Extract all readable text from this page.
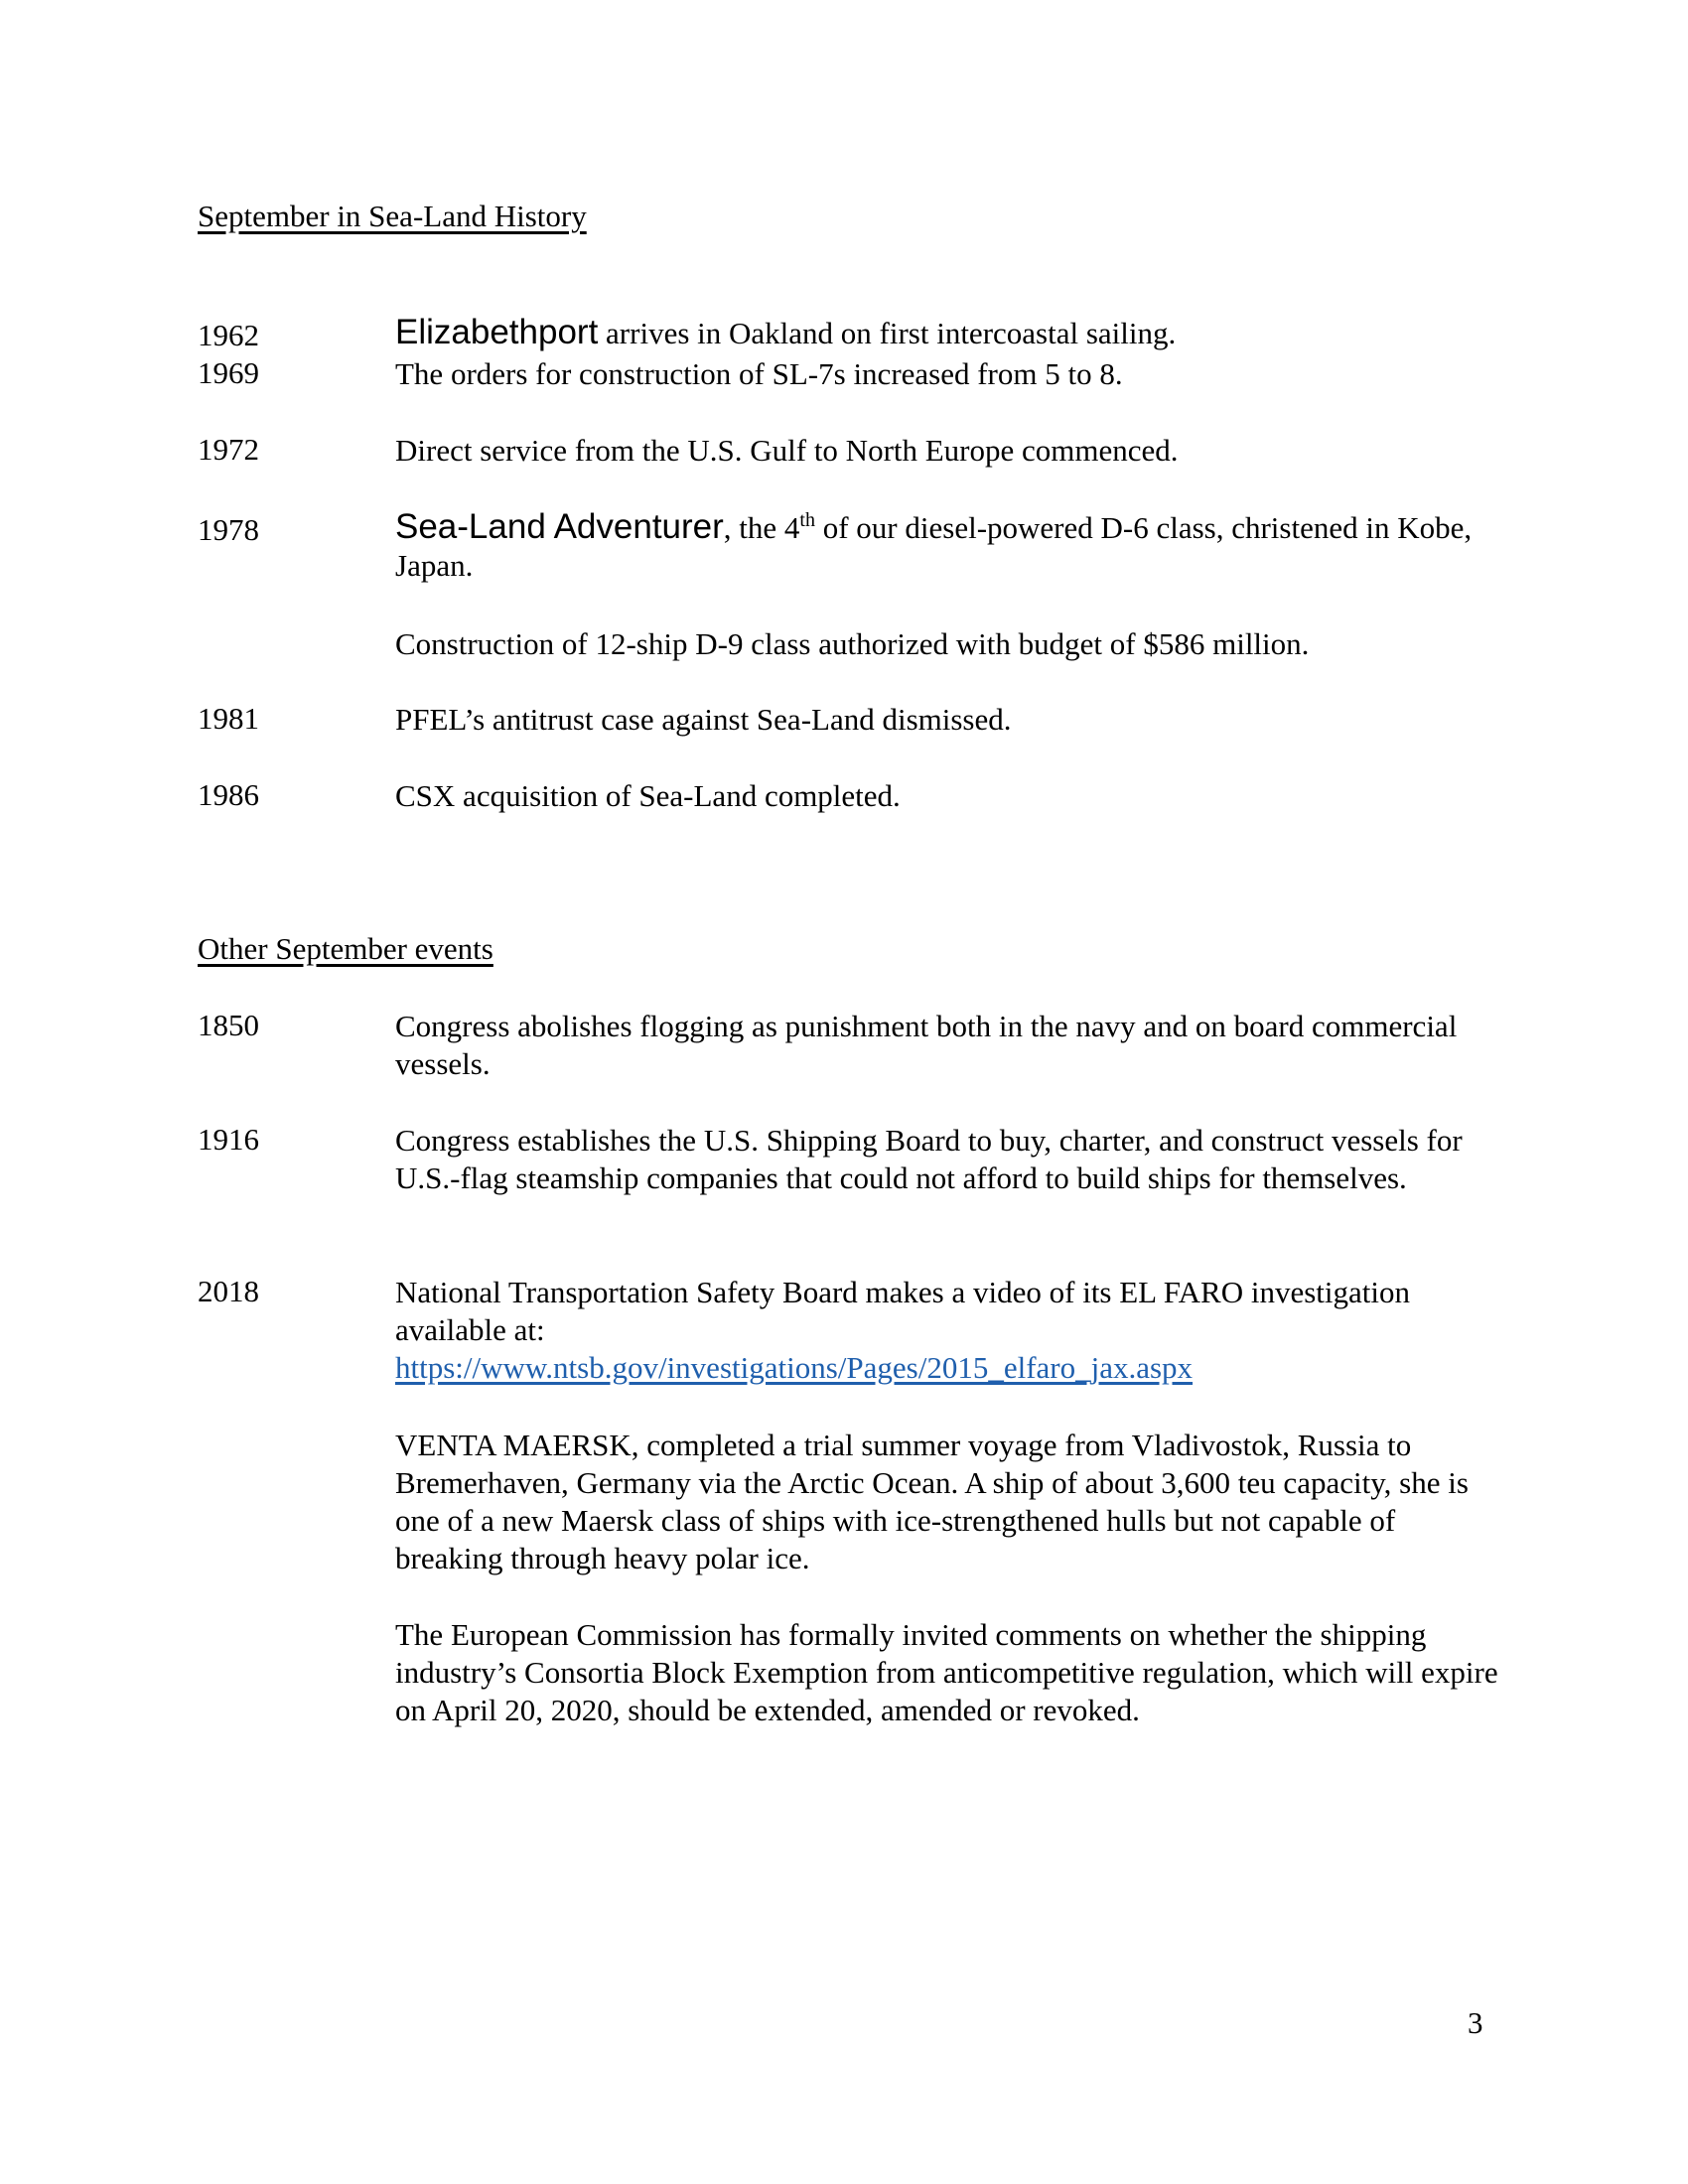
September in Sea-Land History
1962	Elizabethport arrives in Oakland on first intercoastal sailing.
1969	The orders for construction of SL-7s increased from 5 to 8.
1972	Direct service from the U.S. Gulf to North Europe commenced.
1978	Sea-Land Adventurer, the 4th of our diesel-powered D-6 class, christened in Kobe, Japan.
Construction of 12-ship D-9 class authorized with budget of $586 million.
1981	PFEL’s antitrust case against Sea-Land dismissed.
1986	CSX acquisition of Sea-Land completed.
Other September events
1850	Congress abolishes flogging as punishment both in the navy and on board commercial vessels.
1916	Congress establishes the U.S. Shipping Board to buy, charter, and construct vessels for U.S.-flag steamship companies that could not afford to build ships for themselves.
2018	National Transportation Safety Board makes a video of its EL FARO investigation available at:
https://www.ntsb.gov/investigations/Pages/2015_elfaro_jax.aspx
VENTA MAERSK, completed a trial summer voyage from Vladivostok, Russia to Bremerhaven, Germany via the Arctic Ocean. A ship of about 3,600 teu capacity, she is one of a new Maersk class of ships with ice-strengthened hulls but not capable of breaking through heavy polar ice.
The European Commission has formally invited comments on whether the shipping industry’s Consortia Block Exemption from anticompetitive regulation, which will expire on April 20, 2020, should be extended, amended or revoked.
3
